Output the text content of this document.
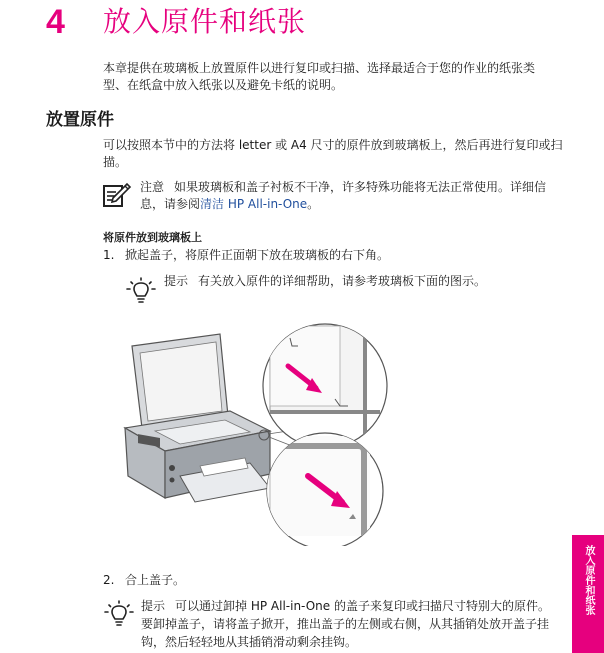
4 放入原件和纸张
本章提供在玻璃板上放置原件以进行复印或扫描、选择最适合于您的作业的纸张类型、在纸盒中放入纸张以及避免卡纸的说明。
放置原件
可以按照本节中的方法将 letter 或 A4 尺寸的原件放到玻璃板上，然后再进行复印或扫描。
注意 如果玻璃板和盖子衬板不干净，许多特殊功能将无法正常使用。详细信息，请参阅清洁 HP All-in-One。
将原件放到玻璃板上
1. 掀起盖子，将原件正面朝下放在玻璃板的右下角。
提示 有关放入原件的详细帮助，请参考玻璃板下面的图示。
2. 合上盖子。
提示 可以通过卸掉 HP All-in-One 的盖子来复印或扫描尺寸特别大的原件。要卸掉盖子，请将盖子掀开，推出盖子的左侧或右侧，从其插销处放开盖子挂钩，然后轻轻地从其插销滑动剩余挂钩。
放入原件和纸张
